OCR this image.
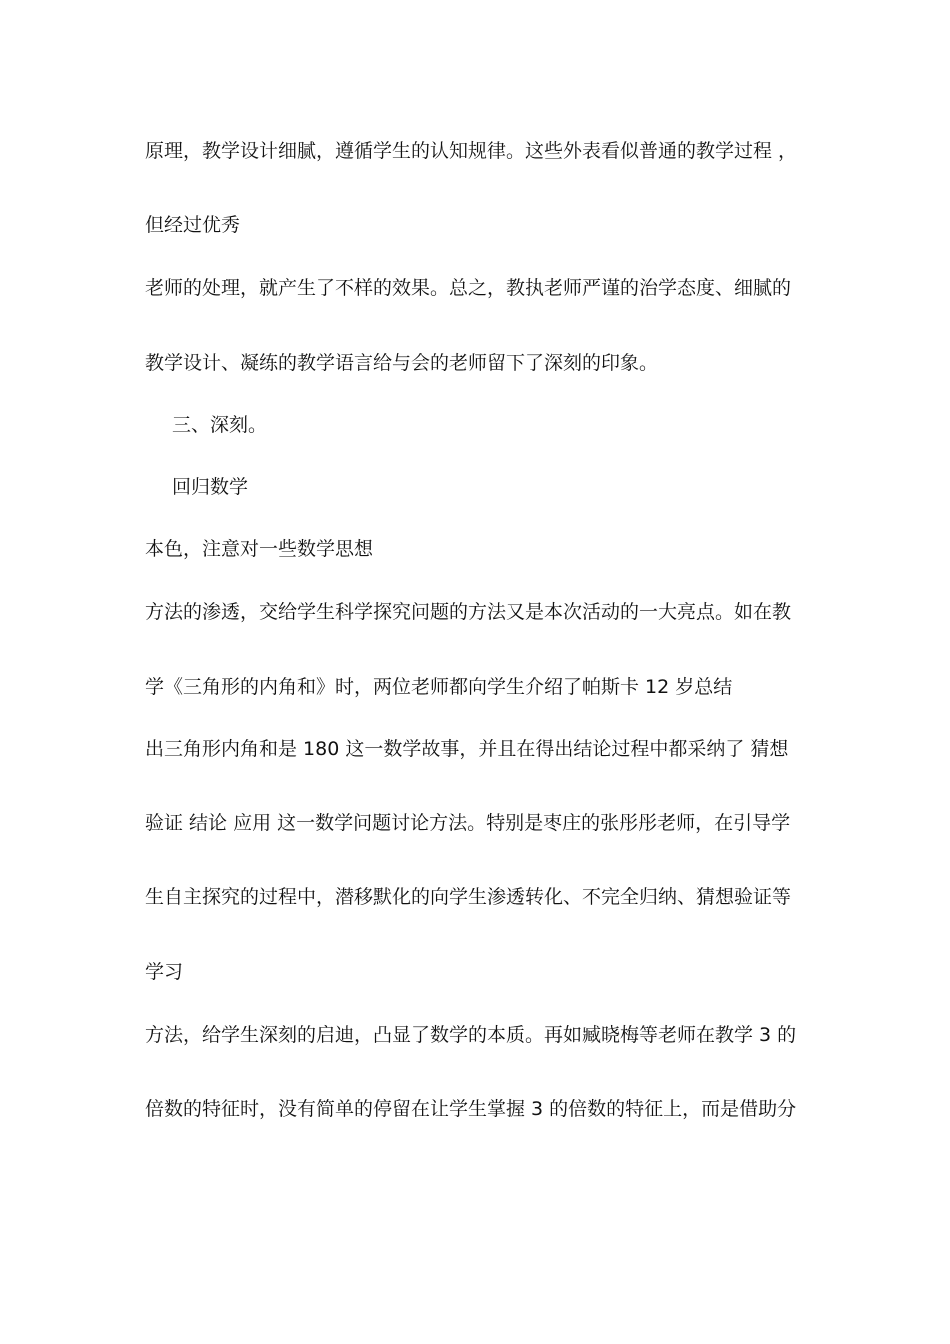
原理，教学设计细腻，遵循学生的认知规律。这些外表看似普通的教学过程 ，
但经过优秀
老师的处理，就产生了不样的效果。总之，教执老师严谨的治学态度、细腻的
教学设计、凝练的教学语言给与会的老师留下了深刻的印象。
三、深刻。
回归数学
本色，注意对一些数学思想
方法的渗透，交给学生科学探究问题的方法又是本次活动的一大亮点。如在教
学《三角形的内角和》时，两位老师都向学生介绍了帕斯卡 12 岁总结
出三角形内角和是 180 这一数学故事，并且在得出结论过程中都采纳了 猜想
验证 结论 应用 这一数学问题讨论方法。特别是枣庄的张彤彤老师，在引导学
生自主探究的过程中，潜移默化的向学生渗透转化、不完全归纳、猜想验证等
学习
方法，给学生深刻的启迪，凸显了数学的本质。再如臧晓梅等老师在教学 3 的
倍数的特征时，没有简单的停留在让学生掌握 3 的倍数的特征上，而是借助分
